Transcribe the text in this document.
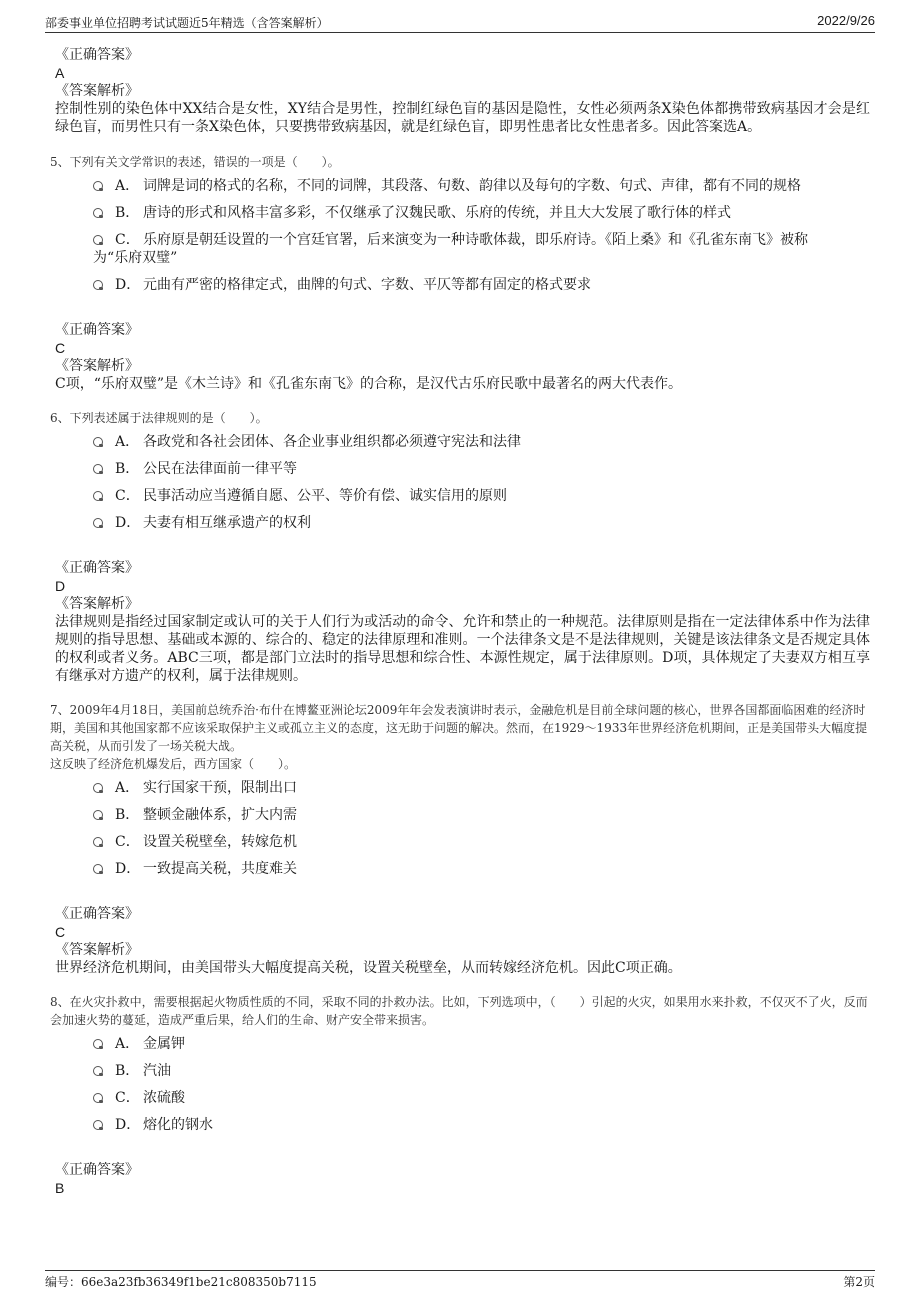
部委事业单位招聘考试试题近5年精选（含答案解析）	2022/9/26
《正确答案》
A
《答案解析》
控制性别的染色体中XX结合是女性，XY结合是男性，控制红绿色盲的基因是隐性，女性必须两条X染色体都携带致病基因才会是红绿色盲，而男性只有一条X染色体，只要携带致病基因，就是红绿色盲，即男性患者比女性患者多。因此答案选A。
5、下列有关文学常识的表述，错误的一项是（　　）。
A． 词牌是词的格式的名称，不同的词牌，其段落、句数、韵律以及每句的字数、句式、声律，都有不同的规格
B． 唐诗的形式和风格丰富多彩，不仅继承了汉魏民歌、乐府的传统，并且大大发展了歌行体的样式
C． 乐府原是朝廷设置的一个宫廷官署，后来演变为一种诗歌体裁，即乐府诗。《陌上桑》和《孔雀东南飞》被称
为“乐府双璧”
D． 元曲有严密的格律定式，曲牌的句式、字数、平仄等都有固定的格式要求
《正确答案》
C
《答案解析》
C项，“乐府双璧”是《木兰诗》和《孔雀东南飞》的合称，是汉代古乐府民歌中最著名的两大代表作。
6、下列表述属于法律规则的是（　　）。
A． 各政党和各社会团体、各企业事业组织都必须遵守宪法和法律
B． 公民在法律面前一律平等
C． 民事活动应当遵循自愿、公平、等价有偿、诚实信用的原则
D． 夫妻有相互继承遗产的权利
《正确答案》
D
《答案解析》
法律规则是指经过国家制定或认可的关于人们行为或活动的命令、允许和禁止的一种规范。法律原则是指在一定法律体系中作为法律规则的指导思想、基础或本源的、综合的、稳定的法律原理和准则。一个法律条文是不是法律规则，关键是该法律条文是否规定具体的权利或者义务。ABC三项，都是部门立法时的指导思想和综合性、本源性规定，属于法律原则。D项，具体规定了夫妻双方相互享有继承对方遗产的权利，属于法律规则。
7、2009年4月18日，美国前总统乔治·布什在博鳌亚洲论坛2009年年会发表演讲时表示，金融危机是目前全球问题的核心，世界各国都面临困难的经济时期，美国和其他国家都不应该采取保护主义或孤立主义的态度，这无助于问题的解决。然而，在1929～1933年世界经济危机期间，正是美国带头大幅度提高关税，从而引发了一场关税大战。
这反映了经济危机爆发后，西方国家（　　）。
A． 实行国家干预，限制出口
B． 整顿金融体系，扩大内需
C． 设置关税壁垒，转嫁危机
D． 一致提高关税，共度难关
《正确答案》
C
《答案解析》
世界经济危机期间，由美国带头大幅度提高关税，设置关税壁垒，从而转嫁经济危机。因此C项正确。
8、在火灾扑救中，需要根据起火物质性质的不同，采取不同的扑救办法。比如，下列选项中，（　　）引起的火灾，如果用水来扑救，不仅灭不了火，反而会加速火势的蔓延，造成严重后果，给人们的生命、财产安全带来损害。
A． 金属钾
B． 汽油
C． 浓硫酸
D． 熔化的钢水
《正确答案》
B
编号：66e3a23fb36349f1be21c808350b7115	第2页
